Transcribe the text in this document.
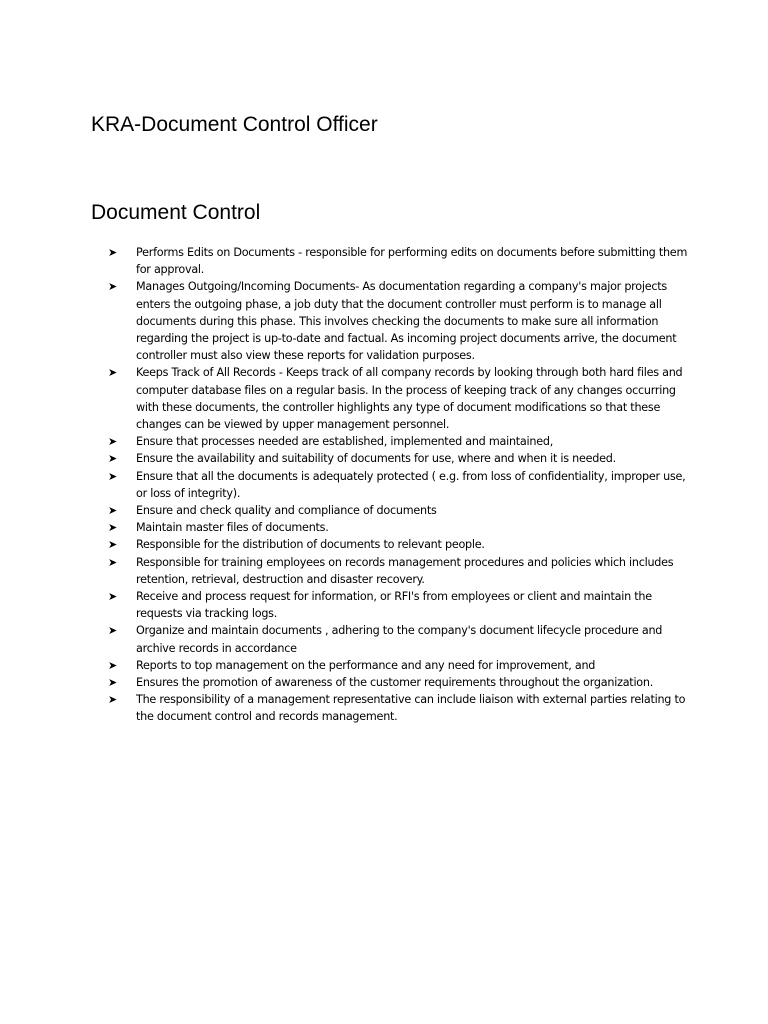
KRA-Document Control Officer
Document Control
➤ Performs Edits on Documents - responsible for performing edits on documents before submitting them for approval.
➤ Manages Outgoing/Incoming Documents- As documentation regarding a company's major projects enters the outgoing phase, a job duty that the document controller must perform is to manage all documents during this phase. This involves checking the documents to make sure all information regarding the project is up-to-date and factual. As incoming project documents arrive, the document controller must also view these reports for validation purposes.
➤ Keeps Track of All Records - Keeps track of all company records by looking through both hard files and computer database files on a regular basis. In the process of keeping track of any changes occurring with these documents, the controller highlights any type of document modifications so that these changes can be viewed by upper management personnel.
➤ Ensure that processes needed are established, implemented and maintained,
➤ Ensure the availability and suitability of documents for use, where and when it is needed.
➤ Ensure that all the documents is adequately protected ( e.g. from loss of confidentiality, improper use, or loss of integrity).
➤ Ensure and check quality and compliance of documents
➤ Maintain master files of documents.
➤ Responsible for the distribution of documents to relevant people.
➤ Responsible for training employees on records management procedures and policies which includes retention, retrieval, destruction and disaster recovery.
➤ Receive and process request for information, or RFI's from employees or client and maintain the requests via tracking logs.
➤ Organize and maintain documents , adhering to the company's document lifecycle procedure and archive records in accordance
➤ Reports to top management on the performance and any need for improvement, and
➤ Ensures the promotion of awareness of the customer requirements throughout the organization.
➤ The responsibility of a management representative can include liaison with external parties relating to the document control and records management.
